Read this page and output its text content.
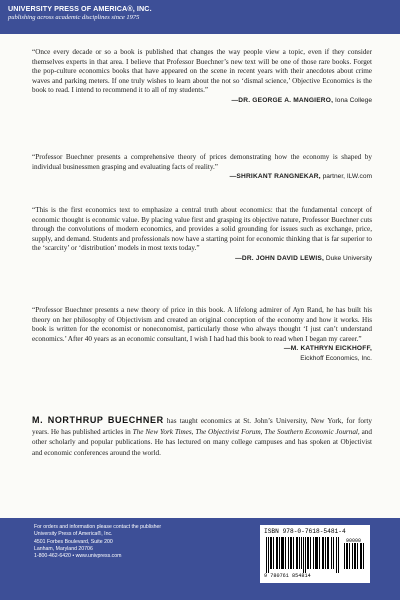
UNIVERSITY PRESS OF AMERICA®, INC.
publishing across academic disciplines since 1975
“Once every decade or so a book is published that changes the way people view a topic, even if they consider themselves experts in that area. I believe that Professor Buechner’s new text will be one of those rare books. Forget the pop-culture economics books that have appeared on the scene in recent years with their anecdotes about crime waves and parking meters. If one truly wishes to learn about the not so ‘dismal science,’ Objective Economics is the book to read. I intend to recommend it to all of my students.”
—DR. GEORGE A. MANGIERO, Iona College
“Professor Buechner presents a comprehensive theory of prices demonstrating how the economy is shaped by individual businessmen grasping and evaluating facts of reality.”
—SHRIKANT RANGNEKAR, partner, ILW.com
“This is the first economics text to emphasize a central truth about economics: that the fundamental concept of economic thought is economic value. By placing value first and grasping its objective nature, Professor Buechner cuts through the convolutions of modern economics, and provides a solid grounding for issues such as exchange, price, supply, and demand. Students and professionals now have a starting point for economic thinking that is far superior to the ‘scarcity’ or ‘distribution’ models in most texts today.”
—DR. JOHN DAVID LEWIS, Duke University
“Professor Buechner presents a new theory of price in this book. A lifelong admirer of Ayn Rand, he has built his theory on her philosophy of Objectivism and created an original conception of the economy and how it works. His book is written for the economist or noneconomist, particularly those who always thought ‘I just can’t understand economics.’ After 40 years as an economic consultant, I wish I had had this book to read when I began my career.”
—M. KATHRYN EICKHOFF,
Eickhoff Economics, Inc.
M. NORTHRUP BUECHNER has taught economics at St. John’s University, New York, for forty years. He has published articles in The New York Times, The Objectivist Forum, The Southern Economic Journal, and other scholarly and popular publications. He has lectured on many college campuses and has spoken at Objectivist and economic conferences around the world.
For orders and information please contact the publisher
University Press of America®, Inc.
4501 Forbes Boulevard, Suite 200
Lanham, Maryland 20706
1-800-462-6420 • www.univpress.com
ISBN 978-0-7618-5481-4
90000
9 780761 854814
